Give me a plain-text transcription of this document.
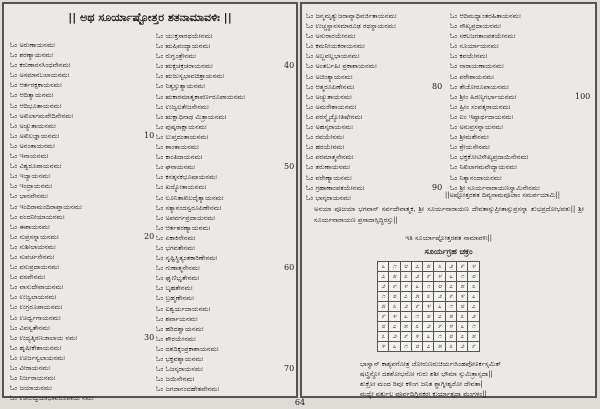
|| ಅಥ ಸೂರ್ಯಾಷ್ಟೋತ್ತರ ಶತನಾಮಾವಳಿಃ ||
ಓಂ ಅರುಣಾಯನಮಃ
ಓಂ ಶರಣ್ಯಾಯನಮಃ
ಓಂ ಕರುಣಾರಸಸಿಂಧವೇನಮಃ
ಓಂ ಅಸಮಾನಬಲಾಯನಮಃ
ಓಂ ಆರ್ತರಕ್ಷಕಾಯನಮಃ
ಓಂ ಆದಿತ್ಯಾಯನಮಃ
ಓಂ ಆದಿಭೂತಾಯನಮಃ
ಓಂ ಅಖಿಲಾಗಮವೇದಿನೇನಮಃ
ಓಂ ಅಚ್ಯುತಾಯನಮಃ
ಓಂ ಅಖಿಲಜ್ಞಾಯನಮಃ	10
ಓಂ ಅನಂತಾಯನಮಃ
ಓಂ ಇನಾಯನಮಃ
ಓಂ ವಿಶ್ವರೂಪಾಯನಮಃ
ಓಂ ಇಜ್ಯಾಯನಮಃ
ಓಂ ಇಂದ್ರಾಯನಮಃ
ಓಂ ಭಾನವೇನಮಃ
ಓಂ ಇಂದಿರಾಮಂದಿರಾಪ್ತಾಯನಮಃ
ಓಂ ವಂದನೀಯಾಯನಮಃ
ಓಂ ಈಶಾಯನಮಃ
ಓಂ ಸುಪ್ರಸನ್ನಾಯನಮಃ	20
ಓಂ ಸುಶೀಲಾಯನಮಃ
ಓಂ ಸುವರ್ಚಸೇನಮಃ
ಓಂ ವಸುಪ್ರದಾಯನಮಃ
ಓಂ ವಸವೇನಮಃ
ಓಂ ವಾಸುದೇವಾಯನಮಃ
ಓಂ ಉಜ್ವಲಾಯನಮಃ
ಓಂ ಉಗ್ರರೂಪಾಯನಮಃ
ಓಂ ಊರ್ಧ್ವಗಾಯನಮಃ
ಓಂ ವಿವಸ್ವತೇನಮಃ
ಓಂ ಉದ್ಯತ್ಕಿರಣಜಾಲಾಯ ನಮಃ	30
ಓಂ ಹೃಷೀಕೇಶಾಯನಮಃ
ಓಂ ಊರ್ಜಸ್ವಲಾಯನಮಃ
ಓಂ ವೀರಾಯನಮಃ
ಓಂ ನಿರ್ಜರಾಯನಮಃ
ಓಂ ಜಯಾಯನಮಃ
ಓಂ ಊರುದ್ವಯಾಭಾವರೂಪಾಯ ನಮಃ
ಓಂ ಯುಕ್ತಸಾರಥಯೇನಮಃ
ಓಂ ಋಷಿವಂದ್ಯಾಯನಮಃ
ಓಂ ರುಗ್ಘಂತ್ರೇನಮಃ
ಓಂ ಋಕ್ಷಚಕ್ರಚರಾಯನಮಃ	40
ಓಂ ಋಜುಸ್ವಭಾವಚಿತ್ತಾಯನಮಃ
ಓಂ ನಿತ್ಯಸ್ತುತ್ಯಾಯನಮಃ
ಓಂ ಋಕಾರಮಾತೃಕಾವರ್ಣರೂಪಾಯನಮಃ
ಓಂ ಉಜ್ವಲತೇಜಸೇನಮಃ
ಓಂ ಋಕ್ಷಾಧಿನಾಥ ಮಿತ್ರಾಯನಮಃ
ಓಂ ಪುಷ್ಕರಾಕ್ಷಾಯನಮಃ
ಓಂ ಲುಪ್ತದಂತಾಯನಮಃ
ಓಂ ಶಾಂತಾಯನಮಃ
ಓಂ ಕಾಂತಿದಾಯನಮಃ
ಓಂ ಘನಾಯನಮಃ	50
ಓಂ ಕನತ್ಕನಕಭೂಷಾಯನಮಃ
ಓಂ ಖದ್ಯೋತಾಯನಮಃ
ಓಂ ಲೂನಿತಾಖಿಲದೈತ್ಯಾಯನಮಃ
ಓಂ ಸತ್ಯಾನಂದಸ್ವರೂಪಿಣೇನಮಃ
ಓಂ ಅಪವರ್ಗಪ್ರದಾಯನಮಃ
ಓಂ ಆರ್ತಶರಣ್ಯಾಯನಮಃ
ಓಂ ಏಕಾಕಿನೇನಮಃ
ಓಂ ಭಗವತೇನಮಃ
ಓಂ ಸೃಷ್ಟಿಸ್ಥಿತ್ಯಂತಕಾರಿಣೇನಮಃ
ಓಂ ಗುಣಾತ್ಮನೇನಮಃ	60
ಓಂ ಘೃಣಿಭೃತೇನಮಃ
ಓಂ ಬೃಹತೇನಮಃ
ಓಂ ಬ್ರಹ್ಮಣೇನಮಃ
ಓಂ ಐಶ್ವರ್ಯದಾಯನಮಃ
ಓಂ ಶರ್ವಾಯನಮಃ
ಓಂ ಹರಿದಶ್ವಾಯನಮಃ
ಓಂ ಶೌರಯೇನಮಃ
ಓಂ ದಶದಿಕ್ಸಂಪ್ರಕಾಶಾಯನಮಃ
ಓಂ ಭಕ್ತವಶ್ಯಾಯನಮಃ
ಓಂ ಓಜಸ್ಕರಾಯನಮಃ	70
ಓಂ ಜಯಿನೇನಮಃ
ಓಂ ಜಗದಾನಂದಹೇತವೇನಮಃ
ಓಂ ಜನ್ಮಮೃತ್ಯುಜರಾವ್ಯಾಧಿವರ್ಜಿತಾಯನಮಃ
ಓಂ ಉಚ್ಚಸ್ಥಾನಸಮಾರೂಢ ರಥಸ್ಥಾಯನಮಃ
ಓಂ ಅಸುರಾರಯೇನಮಃ
ಓಂ ಕಮನೀಯಕರಾಯನಮಃ
ಓಂ ಅಬ್ಜವಲ್ಲಭಾಯನಮಃ
ಓಂ ಅಂತರ್ಬಹಿಃ ಪ್ರಕಾಶಾಯನಮಃ
ಓಂ ಅಚಿಂತ್ಯಾಯನಮಃ
ಓಂ ಆತ್ಮರೂಪಿಣೇನಮಃ	80
ಓಂ ಅಚ್ಯುತಾಯನಮಃ
ಓಂ ಅಮರೇಶಾಯನಮಃ
ಓಂ ಪರಸ್ಮೈಜ್ಯೋತಿಷೇನಮಃ
ಓಂ ಅಹಸ್ಕರಾಯನಮಃ
ಓಂ ರವಯೇನಮಃ
ಓಂ ಹರಯೇನಮಃ
ಓಂ ಪರಮಾತ್ಮನೇನಮಃ
ಓಂ ತರುಣಾಯನಮಃ
ಓಂ ವರೇಣ್ಯಾಯನಮಃ
ಓಂ ಗ್ರಹಾಣಾಂಪತಯೇನಮಃ	90
ಓಂ ಭಾಸ್ಕರಾಯನಮಃ
ಓಂ ಆದಿಮಧ್ಯಾಂತರಹಿತಾಯನಮಃ
ಓಂ ಸೌಖ್ಯಪ್ರದಾಯನಮಃ
ಓಂ ಸಕಲಜಗತಾಂಪತಯೇನಮಃ
ಓಂ ಸೂರ್ಯಾಯನಮಃ
ಓಂ ಕವಯೇನಮಃ
ಓಂ ನಾರಾಯಣಾಯನಮಃ
ಓಂ ಪರೇಶಾಯನಮಃ
ಓಂ ತೇಜೋರೂಪಾಯನಮಃ
ಓಂ ಶ್ರೀಂ ಹಿರಣ್ಯಗರ್ಭಾಯನಮಃ	100
ಓಂ ಹ್ರೀಂ ಸಂಪತ್ಕರಾಯನಮಃ
ಓಂ ಐಂ ಇಷ್ಟಾರ್ಥದಾಯನಮಃ
ಓಂ ಅನುಪ್ರಸನ್ನಾಯನಮಃ
ಓಂ ಶ್ರೀಮತೇನಮಃ
ಓಂ ಶ್ರೇಯಸೇನಮಃ
ಓಂ ಭಕ್ತಕೋಟಿಸೌಖ್ಯಪ್ರದಾಯಿನೇನಮಃ
ಓಂ ನಿಖಿಲಾಗಮವೇದ್ಯಾಯನಮಃ
ಓಂ ನಿತ್ಯಾನಂದಾಯನಮಃ
ಓಂ ಶ್ರೀ ಸೂರ್ಯನಾರಾಯಣಸ್ವಾಮಿನೇನಮಃ
||ಅಷ್ಟೋತ್ತರಶತ ದಿವ್ಯನಾಮಪೂಜಾಂ ಸಮರ್ಪಯಾಮಿ||
ಅನಯಾ ಪೂಜಯಾ ಭಗವಾನ್ ಸರ್ವದೇವಾತ್ಮಕ, ಶ್ರೀ ಸೂರ್ಯನಾರಾಯಣ ದೇವತಾಸ್ಸುಪ್ರೀತಾಸ್ಸುಪ್ರಸನ್ನಾ ಶುಭಪ್ರದೋಭವತು|| ಶ್ರೀ ಸೂರ್ಯನಾರಾಯಣ ಪ್ರಸಾದಾಸ್ಸಿದ್ಧಿರಸ್ತು||
ಇತಿ ಸೂರ್ಯಾಷ್ಟೋತ್ತರಶತ ನಾಮಾವಳಿಃ||
ಸೂರ್ಯಗ್ರಹ ಚಕ್ರಂ
೬	೧	೮	೭	೫	೩	೨	೯	೪
೭	೫	೩	೨	೯	೪	೬	೧	೮
೨	೯	೪	೬	೧	೮	೭	೫	೩
೧	೮	೭	೫	೩	೨	೯	೪	೬
೫	೩	೨	೯	೪	೬	೧	೮	೭
೯	೪	೬	೧	೮	೭	೫	೩	೨
೮	೭	೫	೩	೨	೯	೪	೬	೧
೩	೨	೯	೪	೬	೧	೮	೭	೫
೪	೬	೧	೮	೭	೫	೩	೨	೯
ಭಾಸ್ವಾನ್ ಕಾಶ್ಯಪಗೋತ್ರ ಜೋರುಣರುಚಿರ್ಯಃಸಿಂಹಪೋಽರ್ಕಸ್ಸಮಿತ್
ಷಟ್ತ್ರಿಸ್ಥೋ ದಶಶೋಭನೋ ಗುರು ಶಶೀ ಭೌಮಾ ಸ್ಸುಮಿತ್ರಾಸ್ಸದಾ||
ಶುಕ್ರೋ ಮಂದ ರಿಪುಃ ಕಳಿಂಗ ಜನಿತ ಶ್ಚಾಗ್ನೀಶ್ವರೋ ದೇವತಾ|
ಮಧ್ಯೇ ವರ್ತುಲ ಪೂರ್ವದಿಗ್ದಿನಕರಃ ಕುರ್ಯಾತ್ಸದಾ ಮಂಗಳಂ||
64
